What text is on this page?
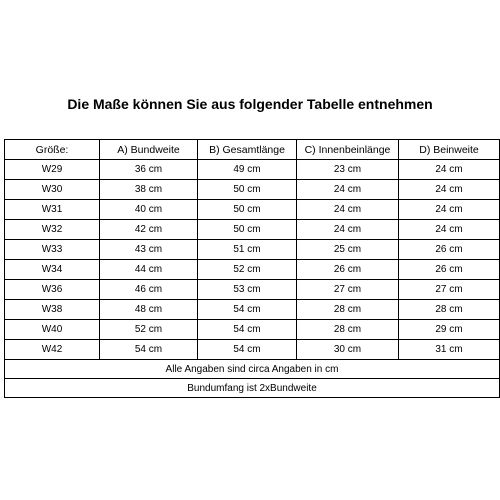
Die Maße können Sie aus folgender Tabelle entnehmen
Größe:	A) Bundweite	B) Gesamtlänge	C) Innenbeinlänge	D) Beinweite
W29	36 cm	49 cm	23 cm	24 cm
W30	38 cm	50 cm	24 cm	24 cm
W31	40 cm	50 cm	24 cm	24 cm
W32	42 cm	50 cm	24 cm	24 cm
W33	43 cm	51 cm	25 cm	26 cm
W34	44 cm	52 cm	26 cm	26 cm
W36	46 cm	53 cm	27 cm	27 cm
W38	48 cm	54 cm	28 cm	28 cm
W40	52 cm	54 cm	28 cm	29 cm
W42	54 cm	54 cm	30 cm	31 cm
Alle Angaben sind circa Angaben in cm				
Bundumfang ist 2xBundweite				
